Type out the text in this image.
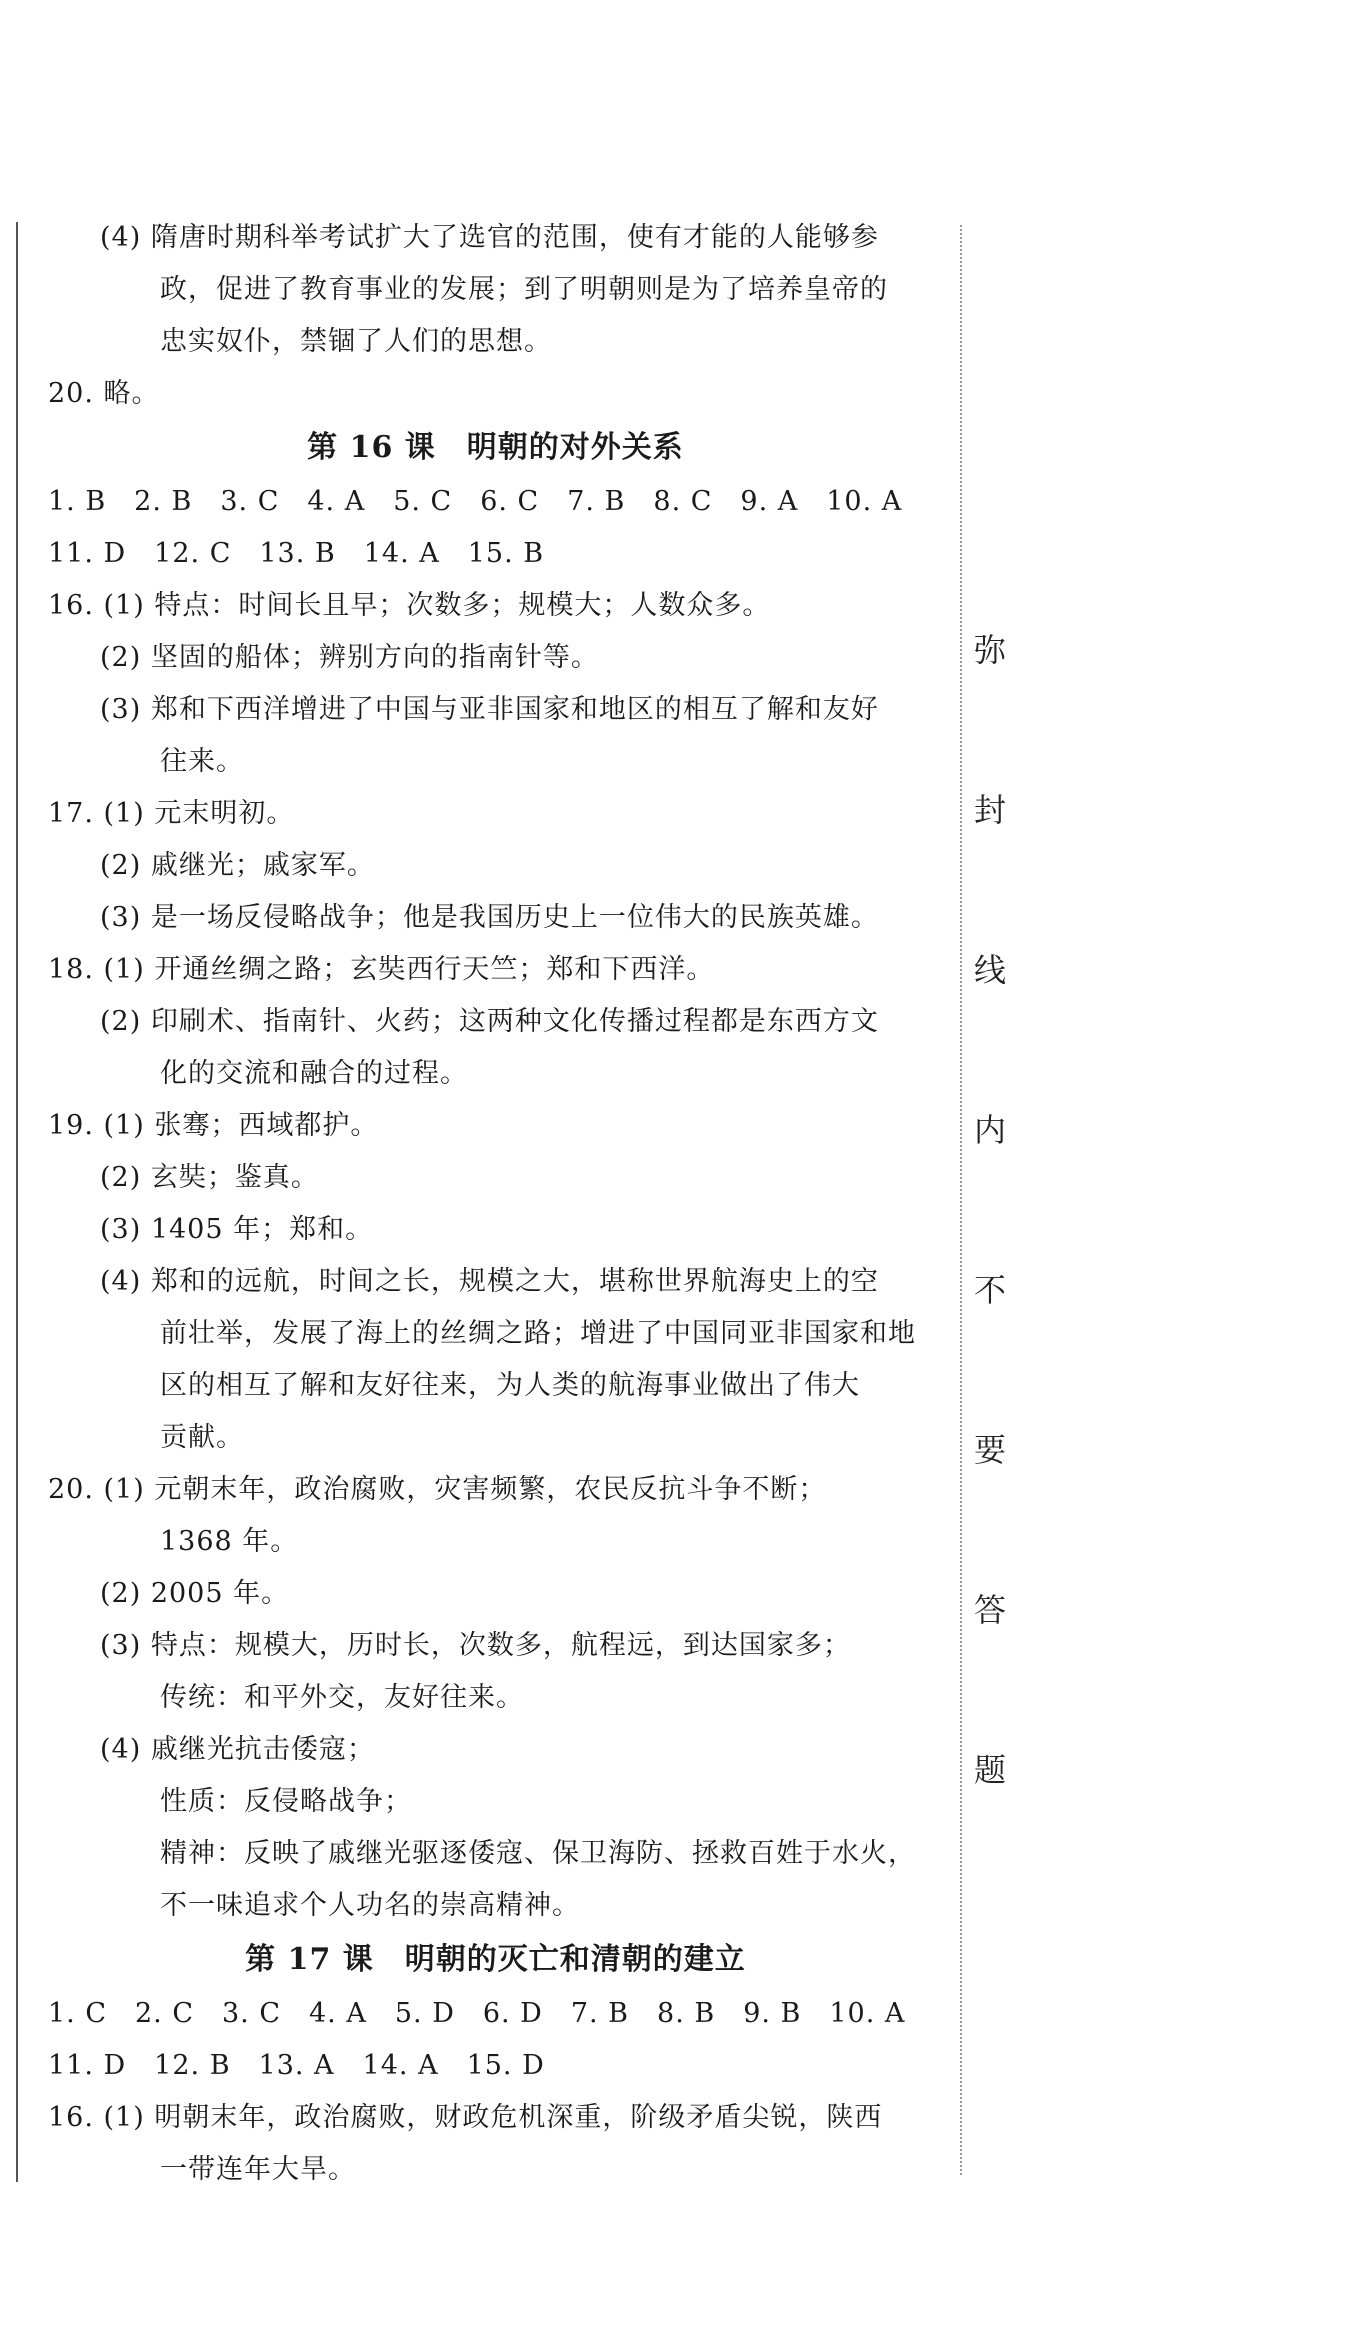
弥
封
线
内
不
要
答
题
(4) 隋唐时期科举考试扩大了选官的范围，使有才能的人能够参
政，促进了教育事业的发展；到了明朝则是为了培养皇帝的
忠实奴仆，禁锢了人们的思想。
20. 略。
第 16 课　明朝的对外关系
1. B　2. B　3. C　4. A　5. C　6. C　7. B　8. C　9. A　10. A
11. D　12. C　13. B　14. A　15. B
16. (1) 特点：时间长且早；次数多；规模大；人数众多。
(2) 坚固的船体；辨别方向的指南针等。
(3) 郑和下西洋增进了中国与亚非国家和地区的相互了解和友好
往来。
17. (1) 元末明初。
(2) 戚继光；戚家军。
(3) 是一场反侵略战争；他是我国历史上一位伟大的民族英雄。
18. (1) 开通丝绸之路；玄奘西行天竺；郑和下西洋。
(2) 印刷术、指南针、火药；这两种文化传播过程都是东西方文
化的交流和融合的过程。
19. (1) 张骞；西域都护。
(2) 玄奘；鉴真。
(3) 1405 年；郑和。
(4) 郑和的远航，时间之长，规模之大，堪称世界航海史上的空
前壮举，发展了海上的丝绸之路；增进了中国同亚非国家和地
区的相互了解和友好往来，为人类的航海事业做出了伟大
贡献。
20. (1) 元朝末年，政治腐败，灾害频繁，农民反抗斗争不断；
1368 年。
(2) 2005 年。
(3) 特点：规模大，历时长，次数多，航程远，到达国家多；
传统：和平外交，友好往来。
(4) 戚继光抗击倭寇；
性质：反侵略战争；
精神：反映了戚继光驱逐倭寇、保卫海防、拯救百姓于水火，
不一味追求个人功名的崇高精神。
第 17 课　明朝的灭亡和清朝的建立
1. C　2. C　3. C　4. A　5. D　6. D　7. B　8. B　9. B　10. A
11. D　12. B　13. A　14. A　15. D
16. (1) 明朝末年，政治腐败，财政危机深重，阶级矛盾尖锐，陕西
一带连年大旱。
